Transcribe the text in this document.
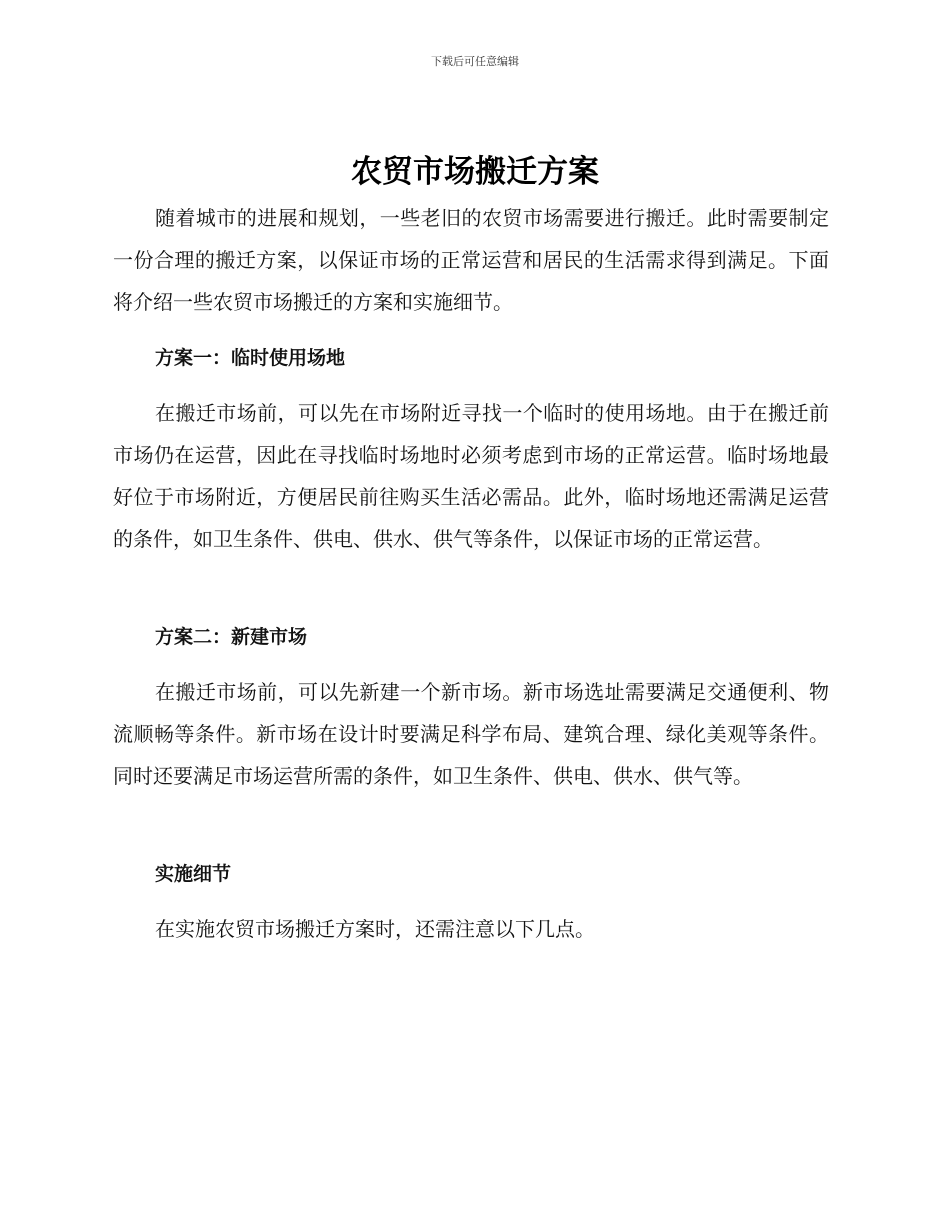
下载后可任意编辑
农贸市场搬迁方案

随着城市的进展和规划，一些老旧的农贸市场需要进行搬迁。此时需要制定一份合理的搬迁方案，以保证市场的正常运营和居民的生活需求得到满足。下面将介绍一些农贸市场搬迁的方案和实施细节。

方案一：临时使用场地

在搬迁市场前，可以先在市场附近寻找一个临时的使用场地。由于在搬迁前市场仍在运营，因此在寻找临时场地时必须考虑到市场的正常运营。临时场地最好位于市场附近，方便居民前往购买生活必需品。此外，临时场地还需满足运营的条件，如卫生条件、供电、供水、供气等条件，以保证市场的正常运营。

方案二：新建市场

在搬迁市场前，可以先新建一个新市场。新市场选址需要满足交通便利、物流顺畅等条件。新市场在设计时要满足科学布局、建筑合理、绿化美观等条件。同时还要满足市场运营所需的条件，如卫生条件、供电、供水、供气等。

实施细节

在实施农贸市场搬迁方案时，还需注意以下几点。
